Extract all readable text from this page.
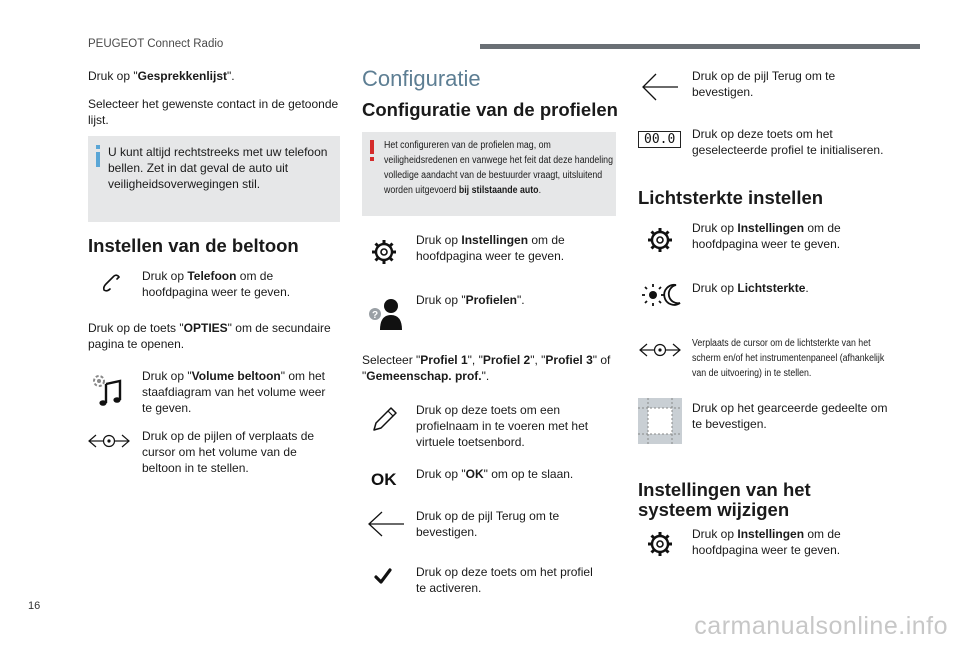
PEUGEOT Connect Radio
Druk op "Gesprekkenlijst".
Selecteer het gewenste contact in de getoonde lijst.
U kunt altijd rechtstreeks met uw telefoon bellen. Zet in dat geval de auto uit veiligheidsoverwegingen stil.
Instellen van de beltoon
Druk op Telefoon om de hoofdpagina weer te geven.
Druk op de toets "OPTIES" om de secundaire pagina te openen.
Druk op "Volume beltoon" om het staafdiagram van het volume weer te geven.
Druk op de pijlen of verplaats de cursor om het volume van de beltoon in te stellen.
Configuratie
Configuratie van de profielen
Het configureren van de profielen mag, om veiligheidsredenen en vanwege het feit dat deze handeling volledige aandacht van de bestuurder vraagt, uitsluitend worden uitgevoerd bij stilstaande auto.
Druk op Instellingen om de hoofdpagina weer te geven.
?
Druk op "Profielen".
Selecteer "Profiel 1", "Profiel 2", "Profiel 3" of "Gemeenschap. prof.".
Druk op deze toets om een profielnaam in te voeren met het virtuele toetsenbord.
OK Druk op "OK" om op te slaan.
Druk op de pijl Terug om te bevestigen.
Druk op deze toets om het profiel te activeren.
Druk op de pijl Terug om te bevestigen.
00.0	Druk op deze toets om het geselecteerde profiel te initialiseren.
Lichtsterkte instellen
Druk op Instellingen om de hoofdpagina weer te geven.
Druk op Lichtsterkte.
Verplaats de cursor om de lichtsterkte van het scherm en/of het instrumentenpaneel (afhankelijk van de uitvoering) in te stellen.
Druk op het gearceerde gedeelte om te bevestigen.
Instellingen van het
systeem wijzigen
Druk op Instellingen om de hoofdpagina weer te geven.
16
carmanualsonline.info
